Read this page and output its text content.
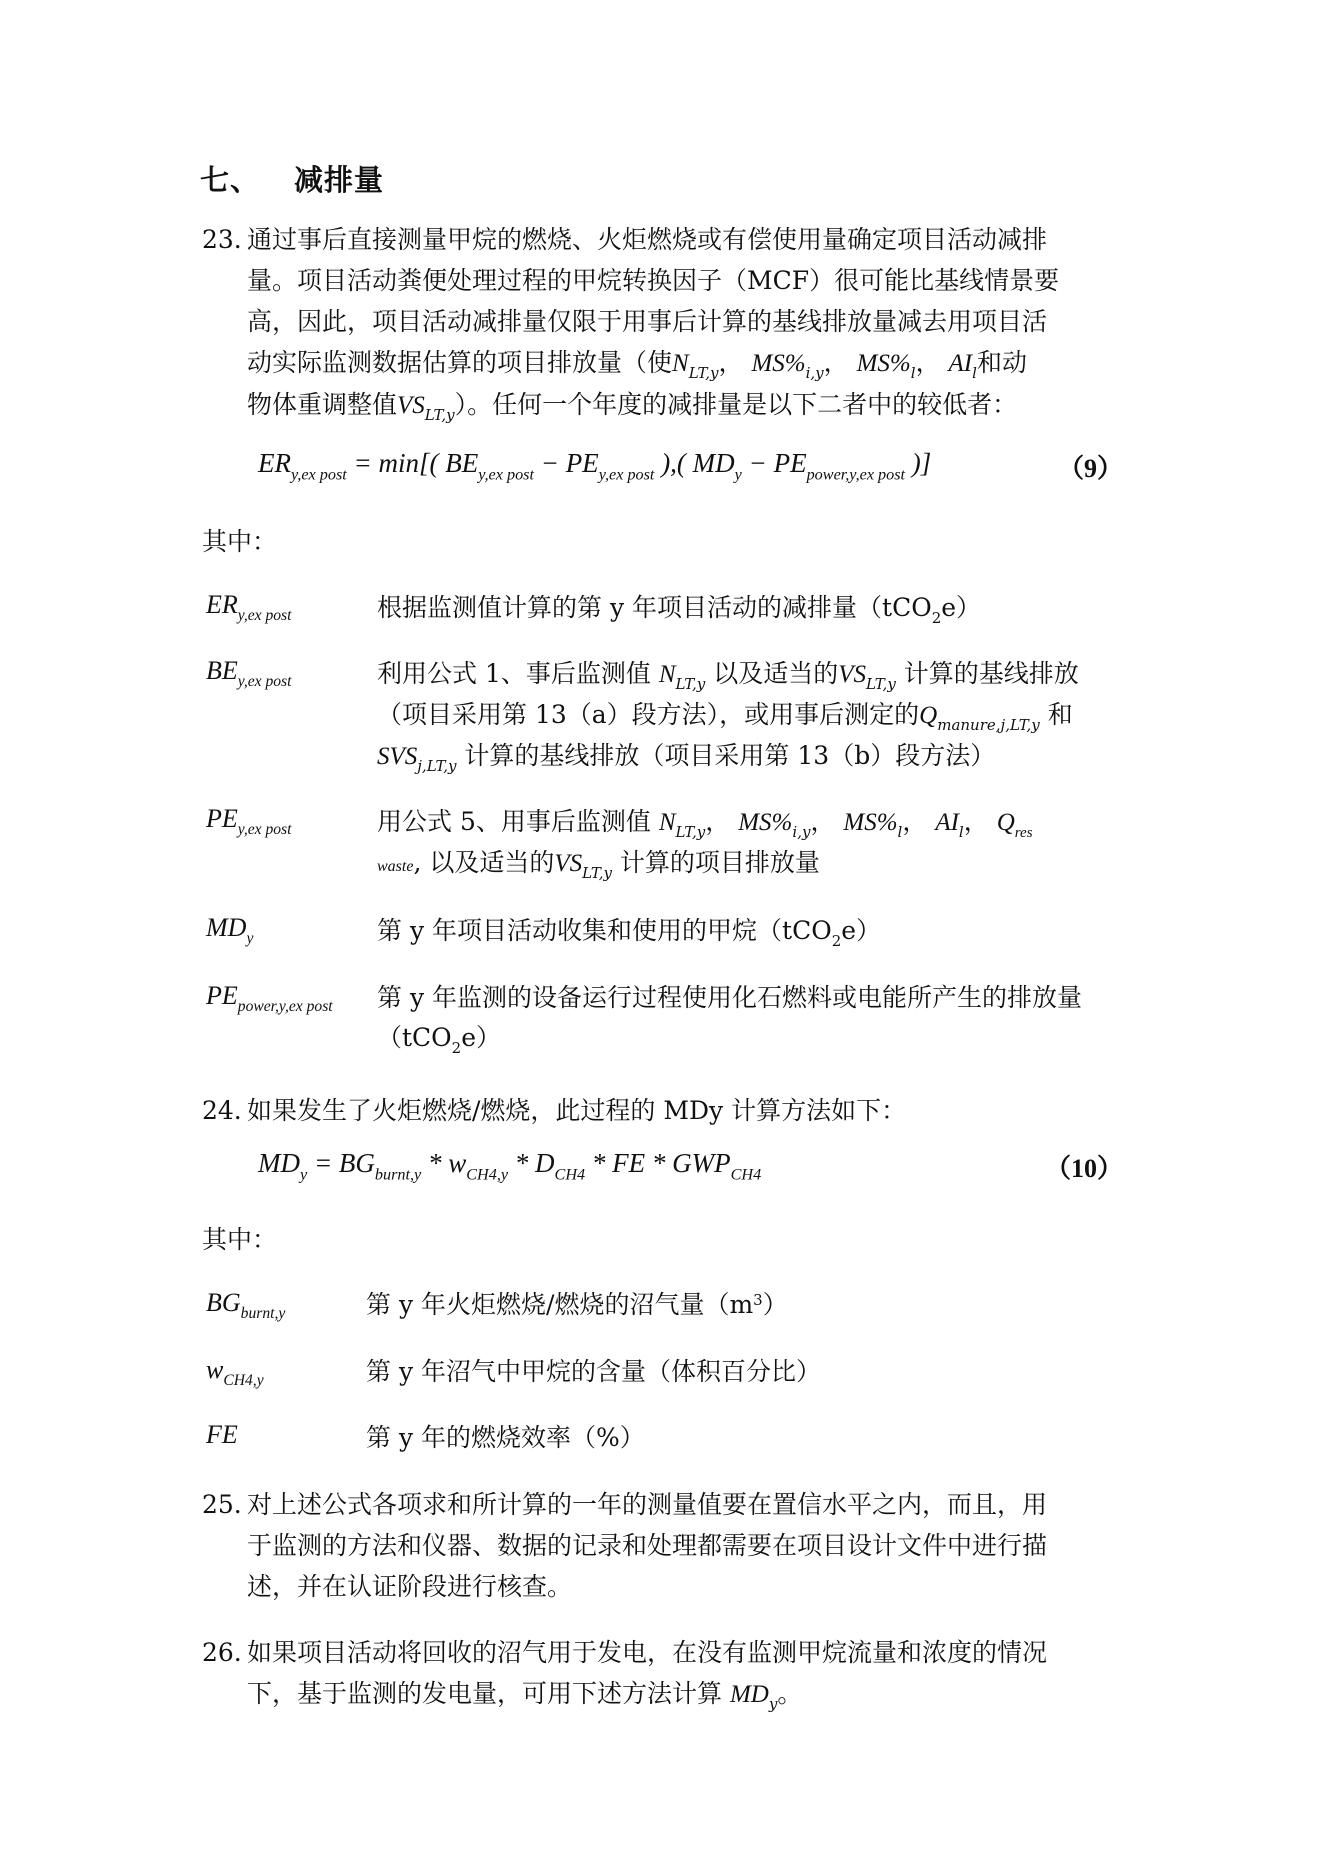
七、 减排量
23. 通过事后直接测量甲烷的燃烧、火炬燃烧或有偿使用量确定项目活动减排
量。项目活动粪便处理过程的甲烷转换因子（MCF）很可能比基线情景要
高，因此，项目活动减排量仅限于用事后计算的基线排放量减去用项目活
动实际监测数据估算的项目排放量（使$N_{LT,y}$， $MS\%_{i,y}$， $MS\%_l$， $AI_l$和动
物体重调整值$VS_{LT,y}$）。任何一个年度的减排量是以下二者中的较低者：
$ER_{y,ex post} = \min$[( $BE_{y,ex post} - PE_{y,ex post}$ ),( $MD_y - PE_{power,y,ex post}$ )]	（9）
其中：
$ER_{y,ex post}$	根据监测值计算的第 y 年项目活动的减排量（tCO$_2$e）
$BE_{y,ex post}$	利用公式 1、事后监测值 $N_{LT,y}$ 以及适当的$VS_{LT,y}$ 计算的基线排放
（项目采用第 13（a）段方法），或用事后测定的$Q_{manure,j,LT,y}$ 和
$SVS_{j,LT,y}$ 计算的基线排放（项目采用第 13（b）段方法）
$PE_{y,ex post}$	用公式 5、用事后监测值 $N_{LT,y}$， $MS\%_{i,y}$， $MS\%_l$， $AI_l$， $Q_{res}$
waste, 以及适当的$VS_{LT,y}$ 计算的项目排放量
$MD_y$	第 y 年项目活动收集和使用的甲烷（tCO$_2$e）
$PE_{power,y,ex post}$ 第 y 年监测的设备运行过程使用化石燃料或电能所产生的排放量
（tCO$_2$e）
24. 如果发生了火炬燃烧/燃烧，此过程的 MDy 计算方法如下：
$MD_y = BG_{burnt,y} * w_{CH4,y} * D_{CH4}$ * FE * $GWP_{CH4}$	（10）
其中：
$BG_{burnt,y}$	第 y 年火炬燃烧/燃烧的沼气量$(m^3)$
$w_{CH4,y}$	第 y 年沼气中甲烷的含量（体积百分比）
FE	第 y 年的燃烧效率（%）
25. 对上述公式各项求和所计算的一年的测量值要在置信水平之内，而且，用
于监测的方法和仪器、数据的记录和处理都需要在项目设计文件中进行描
述，并在认证阶段进行核查。
26. 如果项目活动将回收的沼气用于发电，在没有监测甲烷流量和浓度的情况
下，基于监测的发电量，可用下述方法计算 $MD_y$。
